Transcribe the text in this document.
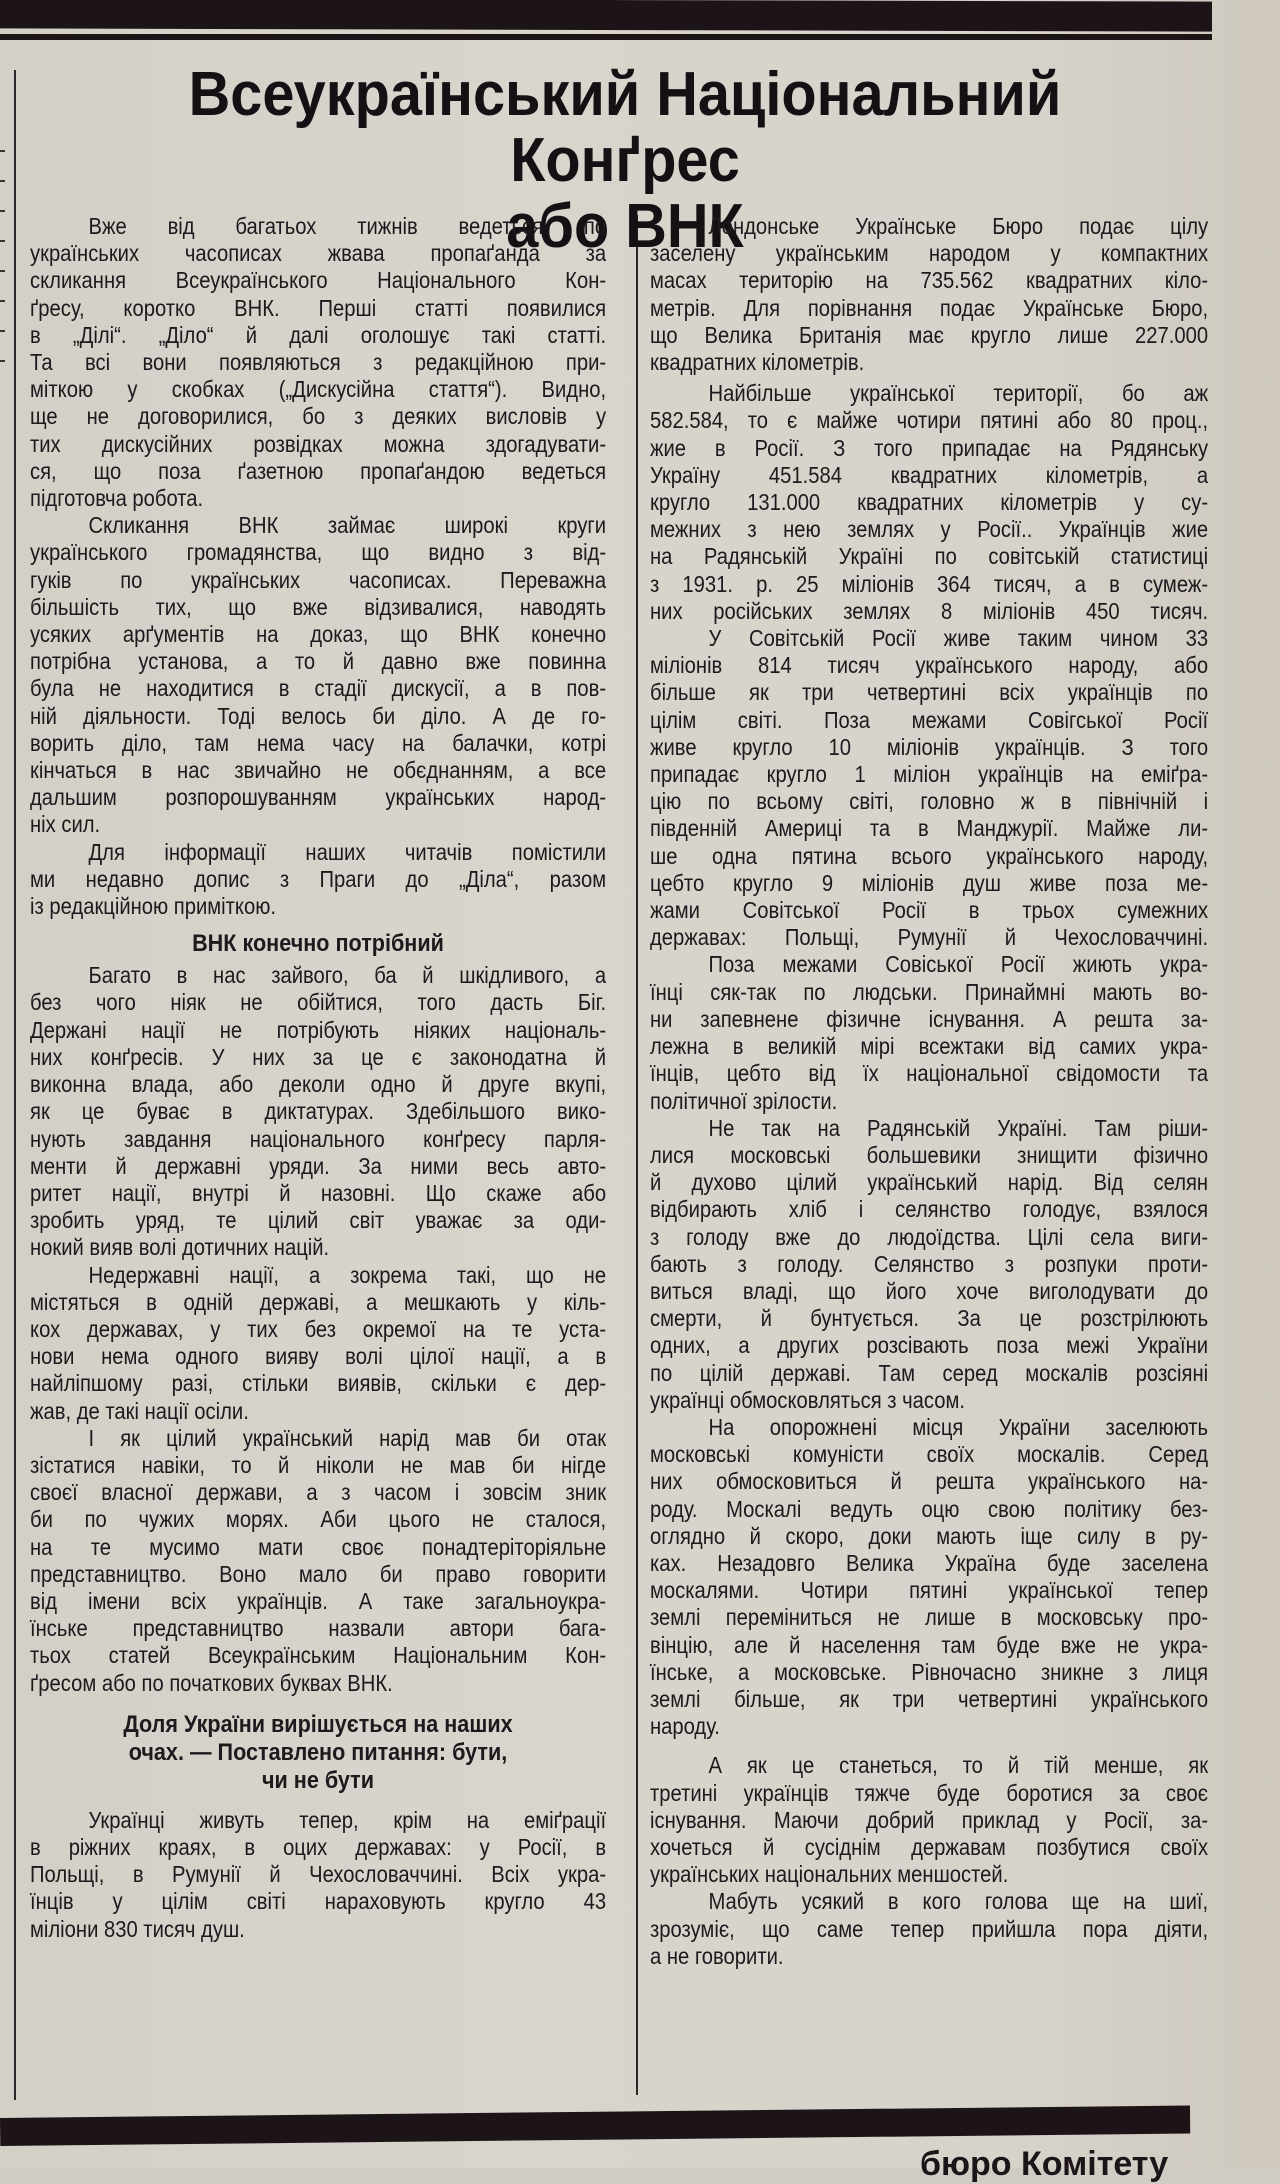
Всеукраїнський Національний Конґрес
або ВНК
Вже від багатьох тижнів ведеться по
українських часописах жвава пропаґанда за
скликання Всеукраїнського Національного Кон-
ґресу, коротко ВНК. Перші статті появилися
в „Ділі“. „Діло“ й далі оголошує такі статті.
Та всі вони появляються з редакційною при-
міткою у скобках („Дискусійна стаття“). Видно,
ще не договорилися, бо з деяких висловів у
тих дискусійних розвідках можна здогадувати-
ся, що поза ґазетною пропаґандою ведеться
підготовча робота.
Скликання ВНК займає широкі круги
українського громадянства, що видно з від-
гуків по українських часописах. Переважна
більшість тих, що вже відзивалися, наводять
усяких арґументів на доказ, що ВНК конечно
потрібна установа, а то й давно вже повинна
була не находитися в стадії дискусії, а в пов-
ній діяльности. Тоді велось би діло. А де го-
ворить діло, там нема часу на балачки, котрі
кінчаться в нас звичайно не обєднанням, а все
дальшим розпорошуванням українських народ-
ніх сил.
Для інформації наших читачів помістили
ми недавно допис з Праги до „Діла“, разом
із редакційною приміткою.
ВНК конечно потрібний
Багато в нас зайвого, ба й шкідливого, а
без чого ніяк не обійтися, того дасть Біг.
Держані нації не потрібують ніяких національ-
них конґресів. У них за це є законодатна й
виконна влада, або деколи одно й друге вкупі,
як це буває в диктатурах. Здебільшого вико-
нують завдання національного конґресу парля-
менти й державні уряди. За ними весь авто-
ритет нації, внутрі й назовні. Що скаже або
зробить уряд, те цілий світ уважає за оди-
нокий вияв волі дотичних націй.
Недержавні нації, а зокрема такі, що не
містяться в одній державі, а мешкають у кіль-
кох державах, у тих без окремої на те уста-
нови нема одного вияву волі цілої нації, а в
найліпшому разі, стільки виявів, скільки є дер-
жав, де такі нації осіли.
І як цілий український нарід мав би отак
зістатися навіки, то й ніколи не мав би нігде
своєї власної держави, а з часом і зовсім зник
би по чужих морях. Аби цього не сталося,
на те мусимо мати своє понадтеріторіяльне
представництво. Воно мало би право говорити
від імени всіх українців. А таке загальноукра-
їнське представництво назвали автори бага-
тьох статей Всеукраїнським Національним Кон-
ґресом або по початкових буквах ВНК.
Доля України вирішується на наших
очах. — Поставлено питання: бути,
чи не бути
Українці живуть тепер, крім на еміґрації
в ріжних краях, в оцих державах: у Росії, в
Польщі, в Румунії й Чехословаччині. Всіх укра-
їнців у цілім світі нараховують кругло 43
міліони 830 тисяч душ.
Лондонське Українське Бюро подає цілу
заселену українським народом у компактних
масах територію на 735.562 квадратних кіло-
метрів. Для порівнання подає Українське Бюро,
що Велика Британія має кругло лише 227.000
квадратних кілометрів.
Найбільше української території, бо аж
582.584, то є майже чотири пятині або 80 проц.,
жие в Росії. З того припадає на Рядянську
Україну 451.584 квадратних кілометрів, а
кругло 131.000 квадратних кілометрів у су-
межних з нею землях у Росії.. Українців жие
на Радянській Україні по совітській статистиці
з 1931. р. 25 міліонів 364 тисяч, а в сумеж-
них російських землях 8 міліонів 450 тисяч.
У Совітській Росії живе таким чином 33
міліонів 814 тисяч українського народу, або
більше як три четвертині всіх українців по
цілім світі. Поза межами Совігської Росії
живе кругло 10 міліонів українців. З того
припадає кругло 1 міліон українців на еміґра-
цію по всьому світі, головно ж в північній і
південній Америці та в Манджурії. Майже ли-
ше одна пятина всього українського народу,
цебто кругло 9 міліонів душ живе поза ме-
жами Совітської Росії в трьох сумежних
державах: Польщі, Румунії й Чехословаччині.
Поза межами Совіської Росії жиють укра-
їнці сяк-так по людськи. Принаймні мають во-
ни запевнене фізичне існування. А решта за-
лежна в великій мірі всежтаки від самих укра-
їнців, цебто від їх національної свідомости та
політичної зрілости.
Не так на Радянській Україні. Там ріши-
лися московські большевики знищити фізично
й духово цілий український нарід. Від селян
відбирають хліб і селянство голодує, взялося
з голоду вже до людоїдства. Цілі села виги-
бають з голоду. Селянство з розпуки проти-
виться владі, що його хоче виголодувати до
смерти, й бунтується. За це розстрілюють
одних, а других розсівають поза межі України
по цілій державі. Там серед москалів розсіяні
українці обмосковляться з часом.
На опорожнені місця України заселюють
московські комуністи своїх москалів. Серед
них обмосковиться й решта українського на-
роду. Москалі ведуть оцю свою політику без-
оглядно й скоро, доки мають іще силу в ру-
ках. Незадовго Велика Україна буде заселена
москалями. Чотири пятині української тепер
землі переміниться не лише в московську про-
вінцію, але й населення там буде вже не укра-
їнське, а московське. Рівночасно зникне з лиця
землі більше, як три четвертині українського
народу.
А як це станеться, то й тій менше, як
третині українців тяжче буде боротися за своє
існування. Маючи добрий приклад у Росії, за-
хочеться й сусіднім державам позбутися своїх
українських національних меншостей.
Мабуть усякий в кого голова ще на шиї,
зрозуміє, що саме тепер прийшла пора діяти,
а не говорити.
бюро Комітету
